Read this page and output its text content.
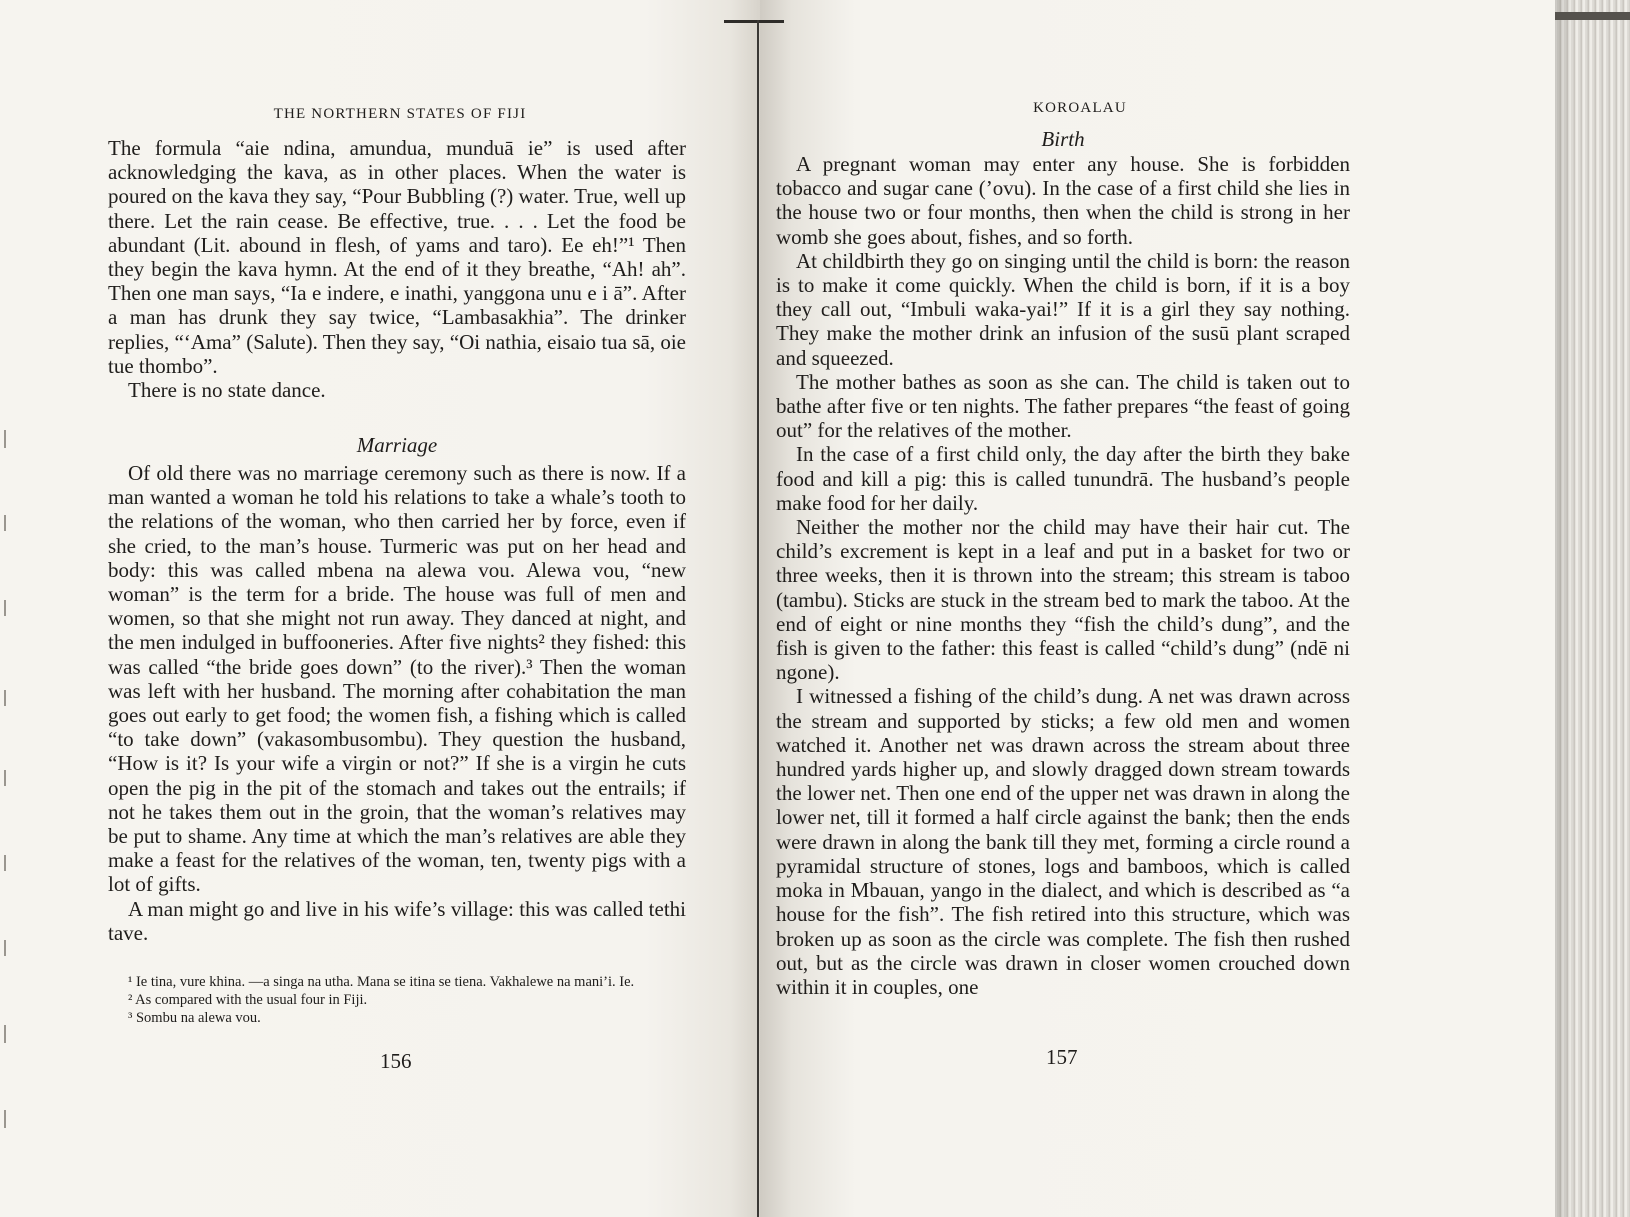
THE NORTHERN STATES OF FIJI

The formula “aie ndina, amundua, munduā ie” is used after acknowledging the kava, as in other places. When the water is poured on the kava they say, “Pour Bubbling (?) water. True, well up there. Let the rain cease. Be effective, true. . . . Let the food be abundant (Lit. abound in flesh, of yams and taro). Ee eh!”¹ Then they begin the kava hymn. At the end of it they breathe, “Ah! ah”. Then one man says, “Ia e indere, e inathi, yanggona unu e i ā”. After a man has drunk they say twice, “Lambasakhia”. The drinker replies, “‘Ama” (Salute). Then they say, “Oi nathia, eisaio tua sā, oie tue thombo”.

There is no state dance.

Marriage

Of old there was no marriage ceremony such as there is now. If a man wanted a woman he told his relations to take a whale’s tooth to the relations of the woman, who then carried her by force, even if she cried, to the man’s house. Turmeric was put on her head and body: this was called mbena na alewa vou. Alewa vou, “new woman” is the term for a bride. The house was full of men and women, so that she might not run away. They danced at night, and the men indulged in buffooneries. After five nights² they fished: this was called “the bride goes down” (to the river).³ Then the woman was left with her husband. The morning after cohabitation the man goes out early to get food; the women fish, a fishing which is called “to take down” (vakasombusombu). They question the husband, “How is it? Is your wife a virgin or not?” If she is a virgin he cuts open the pig in the pit of the stomach and takes out the entrails; if not he takes them out in the groin, that the woman’s relatives may be put to shame. Any time at which the man’s relatives are able they make a feast for the relatives of the woman, ten, twenty pigs with a lot of gifts.

A man might go and live in his wife’s village: this was called tethi tave.

¹ Ie tina, vure khina. —a singa na utha. Mana se itina se tiena. Vakhalewe na mani’i. Ie.

² As compared with the usual four in Fiji.

³ Sombu na alewa vou.

156
KOROALAU
Birth

A pregnant woman may enter any house. She is forbidden tobacco and sugar cane (’ovu). In the case of a first child she lies in the house two or four months, then when the child is strong in her womb she goes about, fishes, and so forth.

At childbirth they go on singing until the child is born: the reason is to make it come quickly. When the child is born, if it is a boy they call out, “Imbuli waka-yai!” If it is a girl they say nothing. They make the mother drink an infusion of the susū plant scraped and squeezed.

The mother bathes as soon as she can. The child is taken out to bathe after five or ten nights. The father prepares “the feast of going out” for the relatives of the mother.

In the case of a first child only, the day after the birth they bake food and kill a pig: this is called tunundrā. The husband’s people make food for her daily.

Neither the mother nor the child may have their hair cut. The child’s excrement is kept in a leaf and put in a basket for two or three weeks, then it is thrown into the stream; this stream is taboo (tambu). Sticks are stuck in the stream bed to mark the taboo. At the end of eight or nine months they “fish the child’s dung”, and the fish is given to the father: this feast is called “child’s dung” (ndē ni ngone).

I witnessed a fishing of the child’s dung. A net was drawn across the stream and supported by sticks; a few old men and women watched it. Another net was drawn across the stream about three hundred yards higher up, and slowly dragged down stream towards the lower net. Then one end of the upper net was drawn in along the lower net, till it formed a half circle against the bank; then the ends were drawn in along the bank till they met, forming a circle round a pyramidal structure of stones, logs and bamboos, which is called moka in Mbauan, yango in the dialect, and which is described as “a house for the fish”. The fish retired into this structure, which was broken up as soon as the circle was complete. The fish then rushed out, but as the circle was drawn in closer women crouched down within it in couples, one

157
